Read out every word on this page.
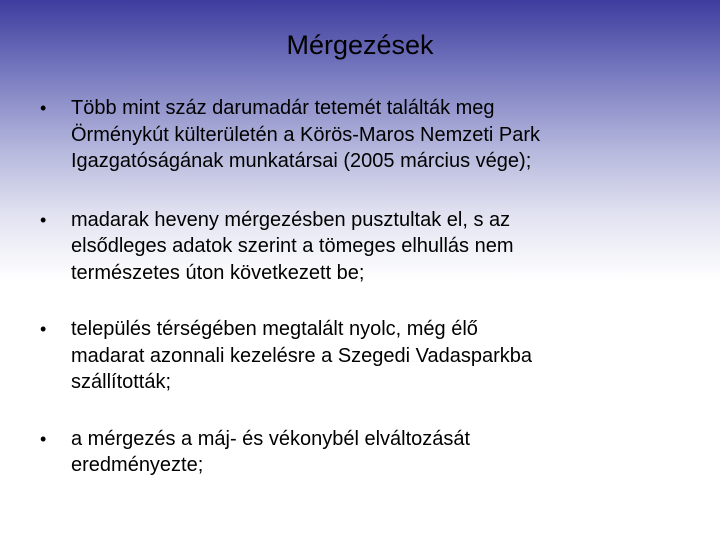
Mérgezések
• Több mint száz darumadár tetemét találták meg
Örménykút külterületén a Körös-Maros Nemzeti Park
Igazgatóságának munkatársai (2005 március vége);
• madarak heveny mérgezésben pusztultak el, s az
elsődleges adatok szerint a tömeges elhullás nem
természetes úton következett be;
• település térségében megtalált nyolc, még élő
madarat azonnali kezelésre a Szegedi Vadasparkba
szállították;
• a mérgezés a máj- és vékonybél elváltozását
eredményezte;
